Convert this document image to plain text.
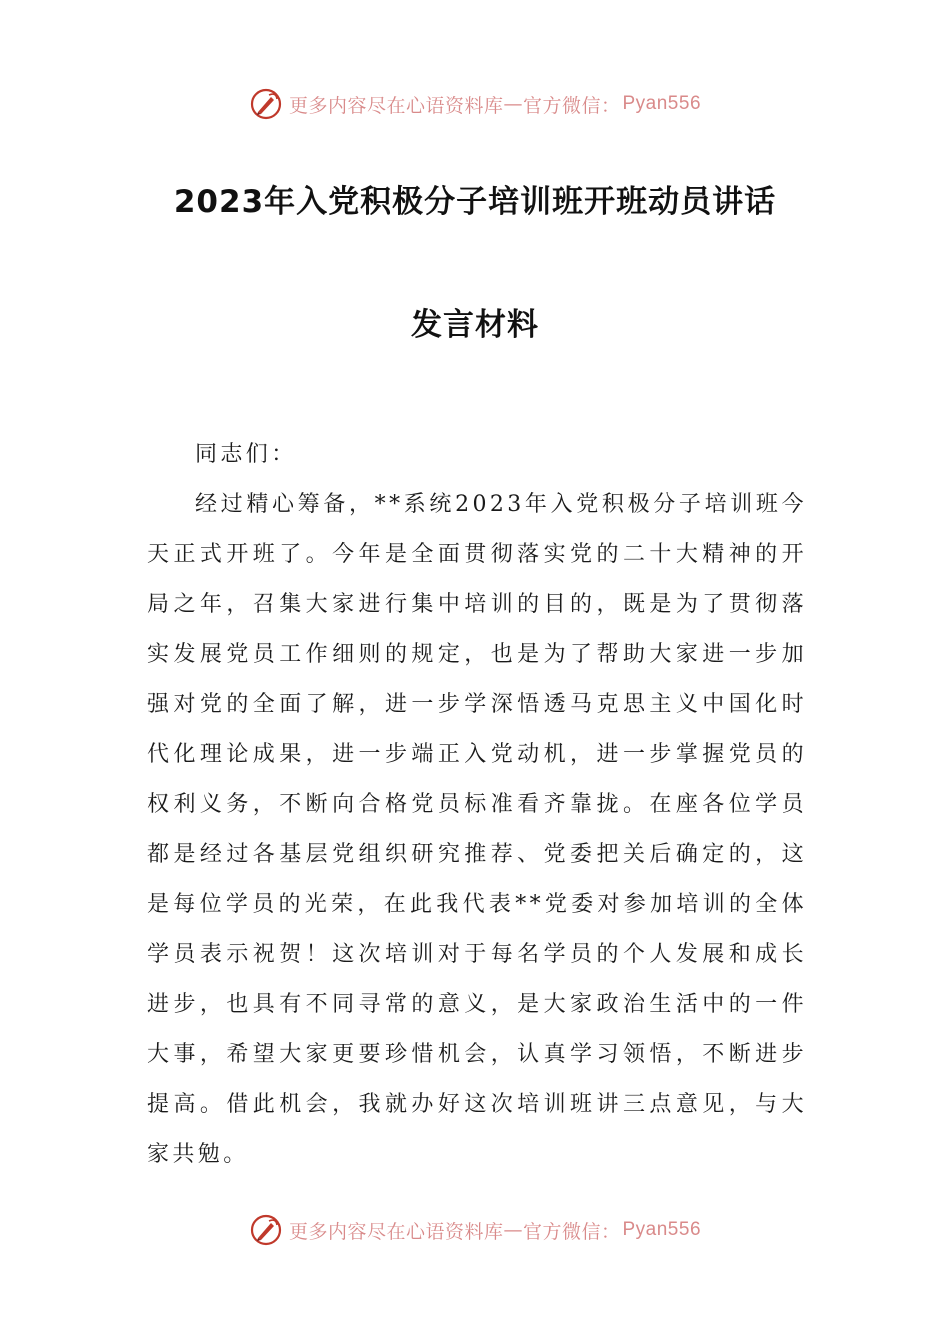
更多内容尽在心语资料库 — 官方微信： Pyan556
2023年入党积极分子培训班开班动员讲话
发言材料

同志们：

经过精心筹备，**系统2023年入党积极分子培训班今天正式开班了。今年是全面贯彻落实党的二十大精神的开局之年，召集大家进行集中培训的目的，既是为了贯彻落实发展党员工作细则的规定，也是为了帮助大家进一步加强对党的全面了解，进一步学深悟透马克思主义中国化时代化理论成果，进一步端正入党动机，进一步掌握党员的权利义务，不断向合格党员标准看齐靠拢。在座各位学员都是经过各基层党组织研究推荐、党委把关后确定的，这是每位学员的光荣，在此我代表**党委对参加培训的全体学员表示祝贺！这次培训对于每名学员的个人发展和成长进步，也具有不同寻常的意义，是大家政治生活中的一件大事，希望大家更要珍惜机会，认真学习领悟，不断进步提高。借此机会，我就办好这次培训班讲三点意见，与大家共勉。

更多内容尽在心语资料库 — 官方微信： Pyan556
